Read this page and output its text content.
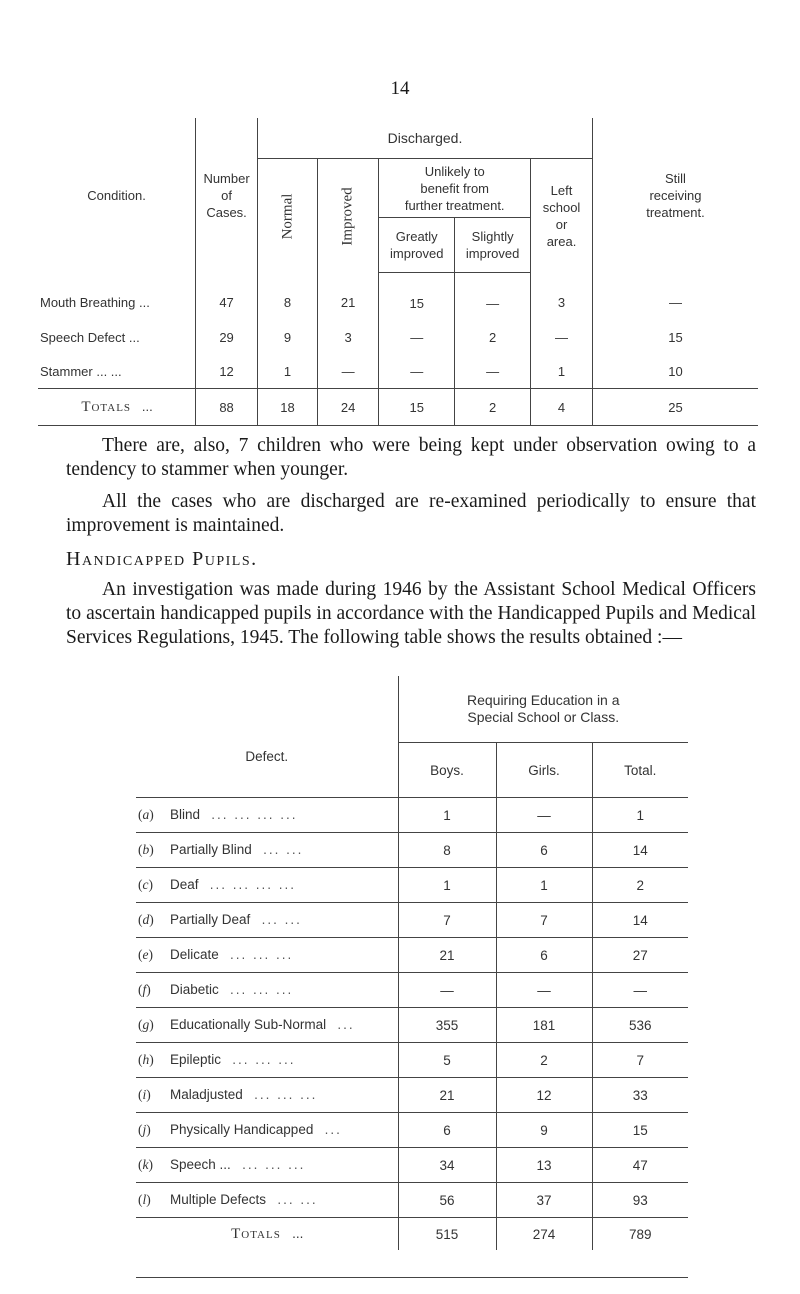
14
Condition.	Number
of
Cases.	Discharged.					Still
receiving
treatment.
		Normal	Improved	Unlikely to
benefit from
further treatment.		Left
school
or
area.	
				Greatly
improved	Slightly
improved		
Mouth Breathing ...	47	8	21	15	—	3	—
Speech Defect ...	29	9	3	—	2	—	15
Stammer ... ...	12	1	—	—	—	1	10
Totals ...	88	18	24	15	2	4	25

There are, also, 7 children who were being kept under observation owing to a tendency to stammer when younger.

All the cases who are discharged are re-examined periodically to ensure that improvement is maintained.

Handicapped Pupils.

An investigation was made during 1946 by the Assistant School Medical Officers to ascertain handicapped pupils in accordance with the Handicapped Pupils and Medical Services Regulations, 1945. The following table shows the results obtained :—

Defect.	Requiring Education in a
Special School or Class.		
	Boys.	Girls.	Total.
(a) Blind ... ... ... ...	1	—	1
(b) Partially Blind ... ...	8	6	14
(c) Deaf ... ... ... ...	1	1	2
(d) Partially Deaf ... ...	7	7	14
(e) Delicate ... ... ...	21	6	27
(f) Diabetic ... ... ...	—	—	—
(g) Educationally Sub-Normal ...	355	181	536
(h) Epileptic ... ... ...	5	2	7
(i) Maladjusted ... ... ...	21	12	33
(j) Physically Handicapped ...	6	9	15
(k) Speech ... ... ... ...	34	13	47
(l) Multiple Defects ... ...	56	37	93
Totals ...	515	274	789
